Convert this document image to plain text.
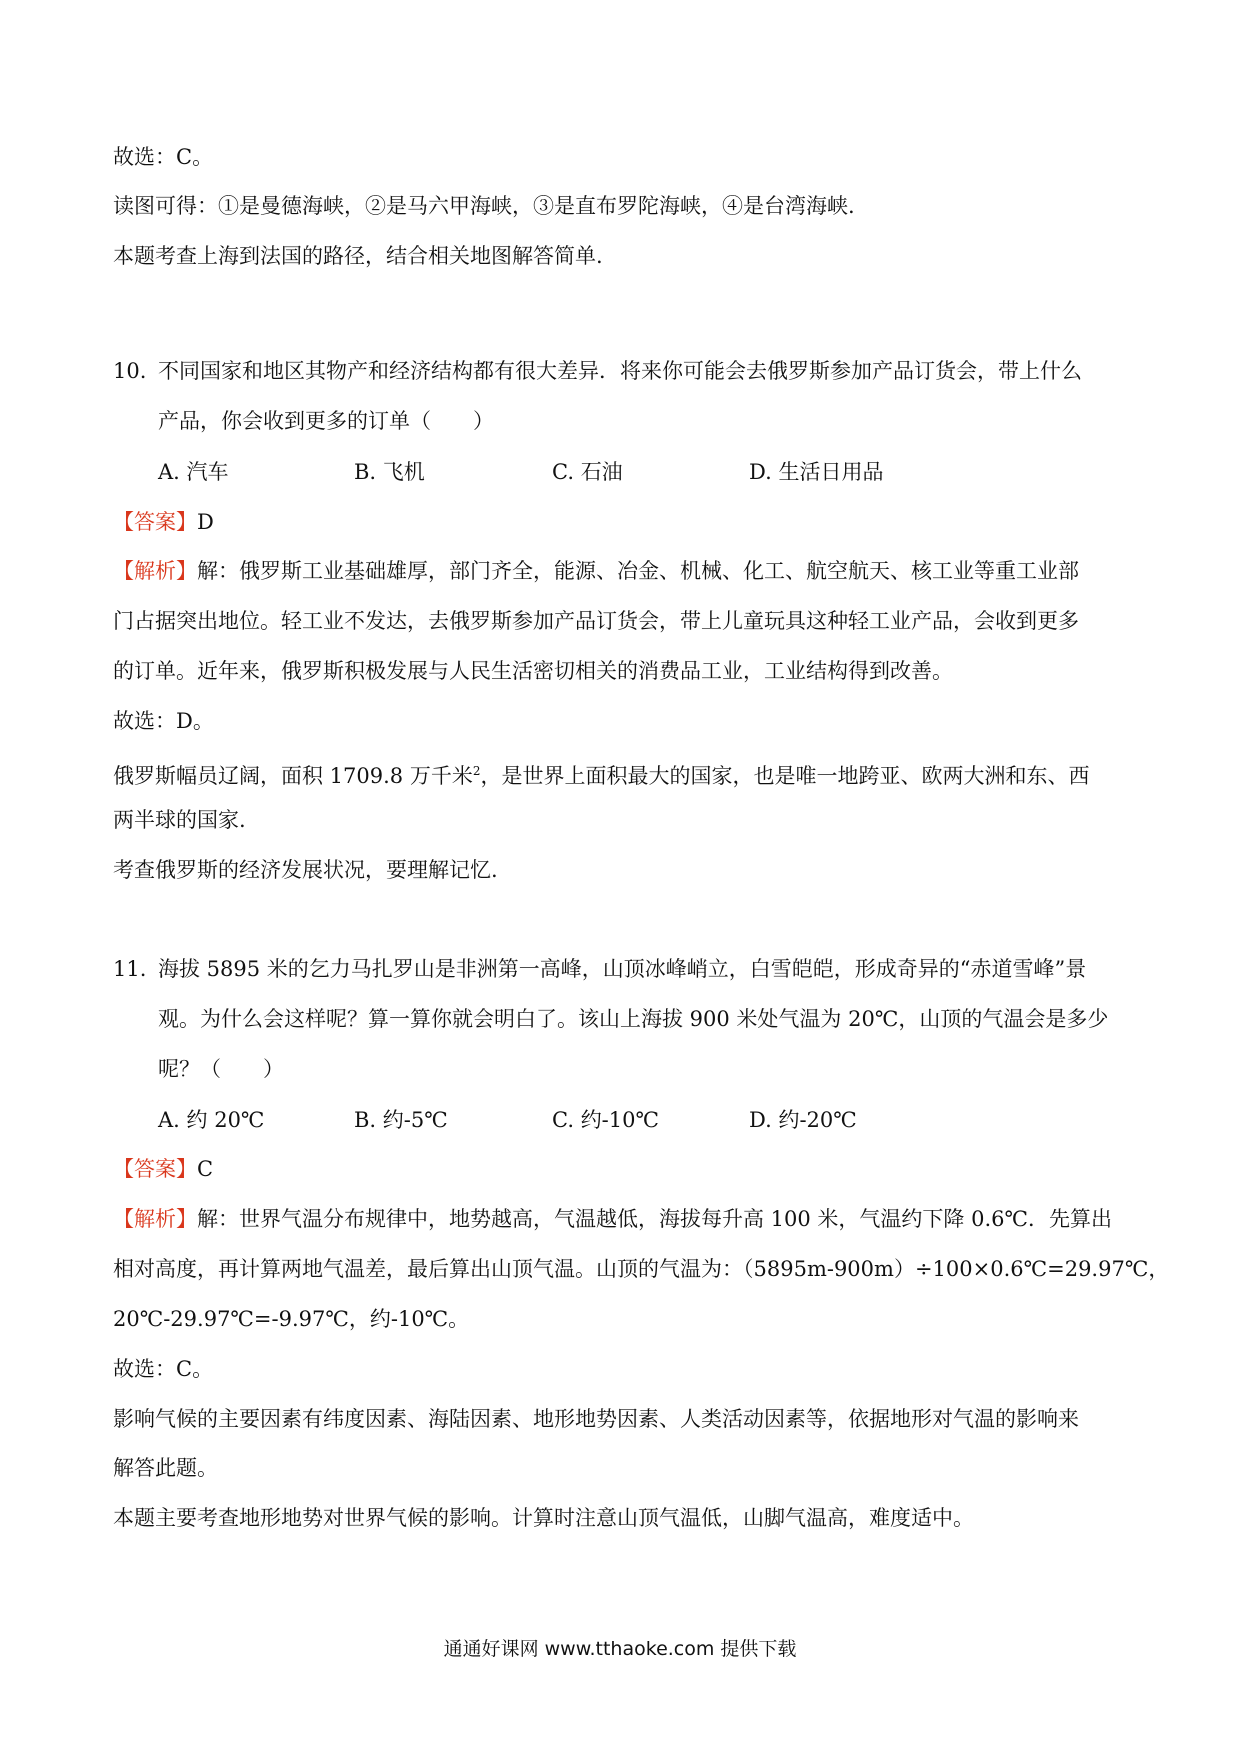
故选：C。
读图可得：①是曼德海峡，②是马六甲海峡，③是直布罗陀海峡，④是台湾海峡.
本题考查上海到法国的路径，结合相关地图解答简单.
10. 不同国家和地区其物产和经济结构都有很大差异．将来你可能会去俄罗斯参加产品订货会，带上什么
产品，你会收到更多的订单（　　）
A. 汽车	B. 飞机	C. 石油	D. 生活日用品
【答案】D
【解析】解：俄罗斯工业基础雄厚，部门齐全，能源、冶金、机械、化工、航空航天、核工业等重工业部
门占据突出地位。轻工业不发达，去俄罗斯参加产品订货会，带上儿童玩具这种轻工业产品，会收到更多
的订单。近年来，俄罗斯积极发展与人民生活密切相关的消费品工业，工业结构得到改善。
故选：D。
俄罗斯幅员辽阔，面积 1709.8 万千米$^2$，是世界上面积最大的国家，也是唯一地跨亚、欧两大洲和东、西
两半球的国家.
考查俄罗斯的经济发展状况，要理解记忆.
11. 海拔 5895 米的乞力马扎罗山是非洲第一高峰，山顶冰峰峭立，白雪皑皑，形成奇异的“赤道雪峰”景
观。为什么会这样呢？算一算你就会明白了。该山上海拔 900 米处气温为 20℃，山顶的气温会是多少
呢？（　　）
A. 约 20℃	B. 约-5℃	C. 约-10℃	D. 约-20℃
【答案】C
【解析】解：世界气温分布规律中，地势越高，气温越低，海拔每升高 100 米，气温约下降 0.6℃．先算出
相对高度，再计算两地气温差，最后算出山顶气温。山顶的气温为：（5895m-900m）÷100×0.6℃=29.97℃，
20℃-29.97℃=-9.97℃，约-10℃。
故选：C。
影响气候的主要因素有纬度因素、海陆因素、地形地势因素、人类活动因素等，依据地形对气温的影响来
解答此题。
本题主要考查地形地势对世界气候的影响。计算时注意山顶气温低，山脚气温高，难度适中。
通通好课网 www.tthaoke.com 提供下载
